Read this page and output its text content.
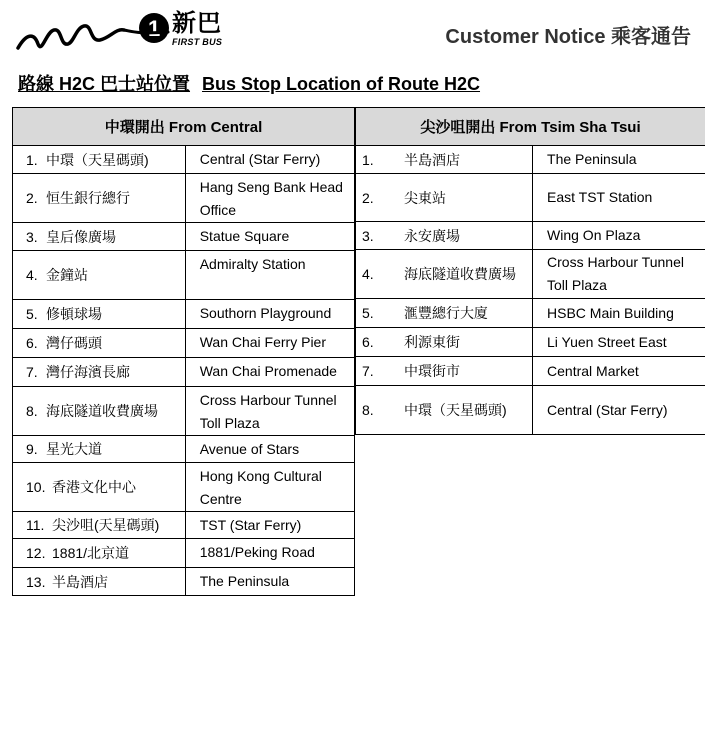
1 新巴
FIRST BUS	Customer Notice 乘客通告
路線 H2C 巴士站位置 Bus Stop Location of Route H2C
中環開出 From Central	
1. 中環（天星碼頭)	Central (Star Ferry)
2. 恒生銀行總行	Hang Seng Bank Head Office
3. 皇后像廣場	Statue Square
4. 金鐘站	Admiralty Station
5. 修頓球場	Southorn Playground
6. 灣仔碼頭	Wan Chai Ferry Pier
7. 灣仔海濱長廊	Wan Chai Promenade
8. 海底隧道收費廣場	Cross Harbour Tunnel Toll Plaza
9. 星光大道	Avenue of Stars
10. 香港文化中心	Hong Kong Cultural Centre
11. 尖沙咀(天星碼頭)	TST (Star Ferry)
12. 1881/北京道	1881/Peking Road
13. 半島酒店	The Peninsula
尖沙咀開出 From Tsim Sha Tsui	
1. 半島酒店	The Peninsula
2. 尖東站	East TST Station
3. 永安廣場	Wing On Plaza
4. 海底隧道收費廣場	Cross Harbour Tunnel Toll Plaza
5. 滙豐總行大廈	HSBC Main Building
6. 利源東街	Li Yuen Street East
7. 中環街市	Central Market
8. 中環（天星碼頭)	Central (Star Ferry)
